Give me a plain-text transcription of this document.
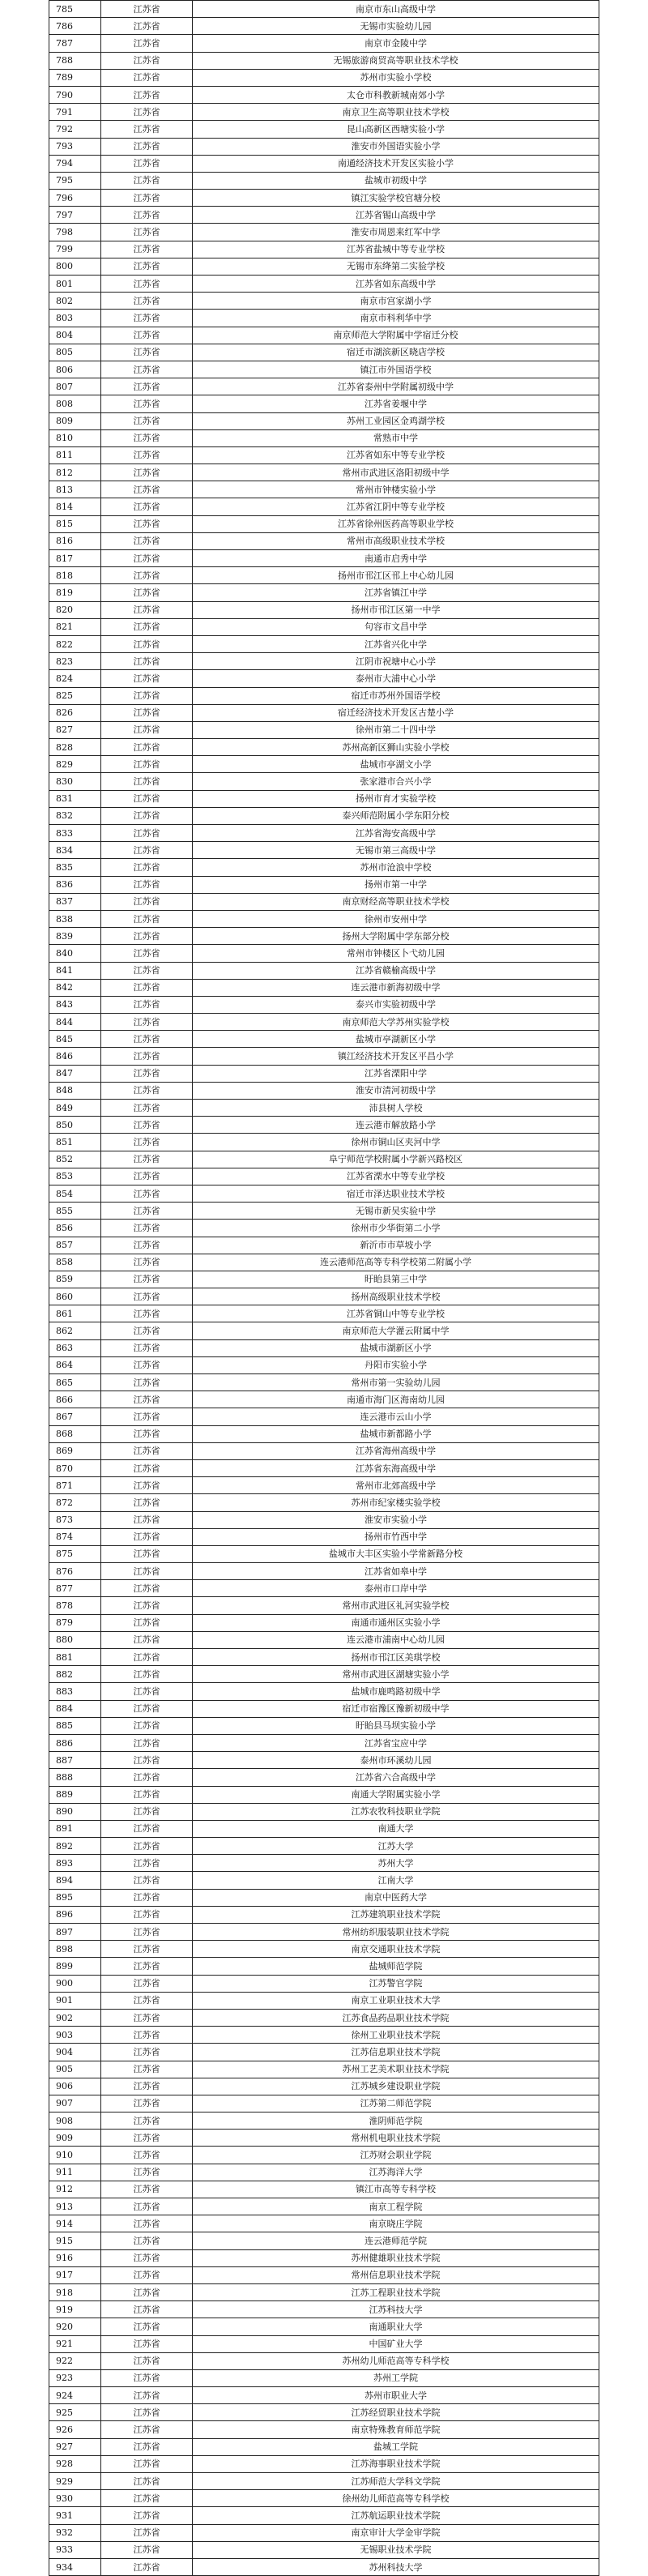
785	江苏省	南京市东山高级中学
786	江苏省	无锡市实验幼儿园
787	江苏省	南京市金陵中学
788	江苏省	无锡旅游商贸高等职业技术学校
789	江苏省	苏州市实验小学校
790	江苏省	太仓市科教新城南郊小学
791	江苏省	南京卫生高等职业技术学校
792	江苏省	昆山高新区西塘实验小学
793	江苏省	淮安市外国语实验小学
794	江苏省	南通经济技术开发区实验小学
795	江苏省	盐城市初级中学
796	江苏省	镇江实验学校官塘分校
797	江苏省	江苏省锡山高级中学
798	江苏省	淮安市周恩来红军中学
799	江苏省	江苏省盐城中等专业学校
800	江苏省	无锡市东绛第二实验学校
801	江苏省	江苏省如东高级中学
802	江苏省	南京市宫家湖小学
803	江苏省	南京市科利华中学
804	江苏省	南京师范大学附属中学宿迁分校
805	江苏省	宿迁市湖滨新区晓店学校
806	江苏省	镇江市外国语学校
807	江苏省	江苏省泰州中学附属初级中学
808	江苏省	江苏省姜堰中学
809	江苏省	苏州工业园区金鸡湖学校
810	江苏省	常熟市中学
811	江苏省	江苏省如东中等专业学校
812	江苏省	常州市武进区洛阳初级中学
813	江苏省	常州市钟楼实验小学
814	江苏省	江苏省江阴中等专业学校
815	江苏省	江苏省徐州医药高等职业学校
816	江苏省	常州市高级职业技术学校
817	江苏省	南通市启秀中学
818	江苏省	扬州市邗江区邗上中心幼儿园
819	江苏省	江苏省镇江中学
820	江苏省	扬州市邗江区第一中学
821	江苏省	句容市文昌中学
822	江苏省	江苏省兴化中学
823	江苏省	江阴市祝塘中心小学
824	江苏省	泰州市大浦中心小学
825	江苏省	宿迁市苏州外国语学校
826	江苏省	宿迁经济技术开发区古楚小学
827	江苏省	徐州市第二十四中学
828	江苏省	苏州高新区狮山实验小学校
829	江苏省	盐城市亭湖文小学
830	江苏省	张家港市合兴小学
831	江苏省	扬州市育才实验学校
832	江苏省	泰兴师范附属小学东阳分校
833	江苏省	江苏省海安高级中学
834	江苏省	无锡市第三高级中学
835	江苏省	苏州市沧浪中学校
836	江苏省	扬州市第一中学
837	江苏省	南京财经高等职业技术学校
838	江苏省	徐州市安州中学
839	江苏省	扬州大学附属中学东部分校
840	江苏省	常州市钟楼区卜弋幼儿园
841	江苏省	江苏省赣榆高级中学
842	江苏省	连云港市新海初级中学
843	江苏省	泰兴市实验初级中学
844	江苏省	南京师范大学苏州实验学校
845	江苏省	盐城市亭湖新区小学
846	江苏省	镇江经济技术开发区平昌小学
847	江苏省	江苏省溧阳中学
848	江苏省	淮安市清河初级中学
849	江苏省	沛县树人学校
850	江苏省	连云港市解放路小学
851	江苏省	徐州市铜山区夹河中学
852	江苏省	阜宁师范学校附属小学新兴路校区
853	江苏省	江苏省溧水中等专业学校
854	江苏省	宿迁市泽达职业技术学校
855	江苏省	无锡市新吴实验中学
856	江苏省	徐州市少华街第二小学
857	江苏省	新沂市市草坡小学
858	江苏省	连云港师范高等专科学校第二附属小学
859	江苏省	盱眙县第三中学
860	江苏省	扬州高级职业技术学校
861	江苏省	江苏省铜山中等专业学校
862	江苏省	南京师范大学灌云附属中学
863	江苏省	盐城市湖新区小学
864	江苏省	丹阳市实验小学
865	江苏省	常州市第一实验幼儿园
866	江苏省	南通市海门区海南幼儿园
867	江苏省	连云港市云山小学
868	江苏省	盐城市新都路小学
869	江苏省	江苏省海州高级中学
870	江苏省	江苏省东海高级中学
871	江苏省	常州市北郊高级中学
872	江苏省	苏州市纪家楼实验学校
873	江苏省	淮安市实验小学
874	江苏省	扬州市竹西中学
875	江苏省	盐城市大丰区实验小学常新路分校
876	江苏省	江苏省如皋中学
877	江苏省	泰州市口岸中学
878	江苏省	常州市武进区礼河实验学校
879	江苏省	南通市通州区实验小学
880	江苏省	连云港市浦南中心幼儿园
881	江苏省	扬州市邗江区美琪学校
882	江苏省	常州市武进区湖塘实验小学
883	江苏省	盐城市鹿鸣路初级中学
884	江苏省	宿迁市宿豫区豫新初级中学
885	江苏省	盱眙县马坝实验小学
886	江苏省	江苏省宝应中学
887	江苏省	泰州市环溪幼儿园
888	江苏省	江苏省六合高级中学
889	江苏省	南通大学附属实验小学
890	江苏省	江苏农牧科技职业学院
891	江苏省	南通大学
892	江苏省	江苏大学
893	江苏省	苏州大学
894	江苏省	江南大学
895	江苏省	南京中医药大学
896	江苏省	江苏建筑职业技术学院
897	江苏省	常州纺织服装职业技术学院
898	江苏省	南京交通职业技术学院
899	江苏省	盐城师范学院
900	江苏省	江苏警官学院
901	江苏省	南京工业职业技术大学
902	江苏省	江苏食品药品职业技术学院
903	江苏省	徐州工业职业技术学院
904	江苏省	江苏信息职业技术学院
905	江苏省	苏州工艺美术职业技术学院
906	江苏省	江苏城乡建设职业学院
907	江苏省	江苏第二师范学院
908	江苏省	淮阴师范学院
909	江苏省	常州机电职业技术学院
910	江苏省	江苏财会职业学院
911	江苏省	江苏海洋大学
912	江苏省	镇江市高等专科学校
913	江苏省	南京工程学院
914	江苏省	南京晓庄学院
915	江苏省	连云港师范学院
916	江苏省	苏州健雄职业技术学院
917	江苏省	常州信息职业技术学院
918	江苏省	江苏工程职业技术学院
919	江苏省	江苏科技大学
920	江苏省	南通职业大学
921	江苏省	中国矿业大学
922	江苏省	苏州幼儿师范高等专科学校
923	江苏省	苏州工学院
924	江苏省	苏州市职业大学
925	江苏省	江苏经贸职业技术学院
926	江苏省	南京特殊教育师范学院
927	江苏省	盐城工学院
928	江苏省	江苏海事职业技术学院
929	江苏省	江苏师范大学科文学院
930	江苏省	徐州幼儿师范高等专科学校
931	江苏省	江苏航运职业技术学院
932	江苏省	南京审计大学金审学院
933	江苏省	无锡职业技术学院
934	江苏省	苏州科技大学
